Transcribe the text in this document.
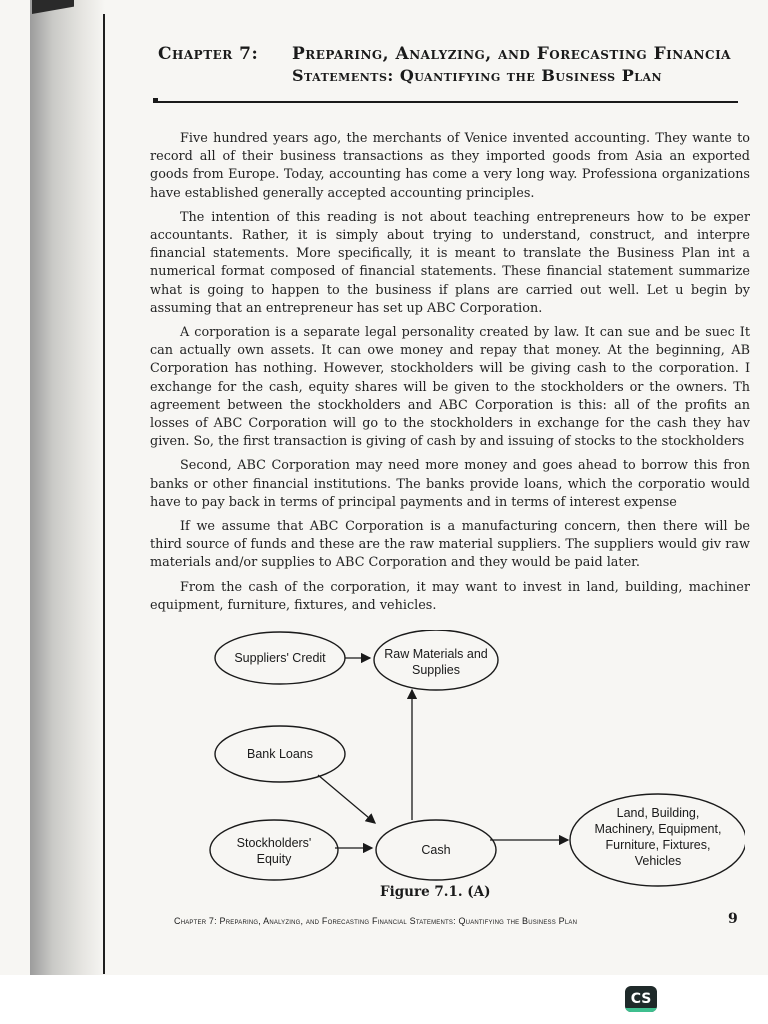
Chapter 7:	Preparing, Analyzing, and Forecasting Financia
Statements: Quantifying the Business Plan

Five hundred years ago, the merchants of Venice invented accounting. They wante to record all of their business transactions as they imported goods from Asia an exported goods from Europe. Today, accounting has come a very long way. Professiona organizations have established generally accepted accounting principles.

The intention of this reading is not about teaching entrepreneurs how to be exper accountants. Rather, it is simply about trying to understand, construct, and interpre financial statements. More specifically, it is meant to translate the Business Plan int a numerical format composed of financial statements. These financial statement summarize what is going to happen to the business if plans are carried out well. Let u begin by assuming that an entrepreneur has set up ABC Corporation.

A corporation is a separate legal personality created by law. It can sue and be suec It can actually own assets. It can owe money and repay that money. At the beginning, AB Corporation has nothing. However, stockholders will be giving cash to the corporation. I exchange for the cash, equity shares will be given to the stockholders or the owners. Th agreement between the stockholders and ABC Corporation is this: all of the profits an losses of ABC Corporation will go to the stockholders in exchange for the cash they hav given. So, the first transaction is giving of cash by and issuing of stocks to the stockholders

Second, ABC Corporation may need more money and goes ahead to borrow this fron banks or other financial institutions. The banks provide loans, which the corporatio would have to pay back in terms of principal payments and in terms of interest expense

If we assume that ABC Corporation is a manufacturing concern, then there will be third source of funds and these are the raw material suppliers. The suppliers would giv raw materials and/or supplies to ABC Corporation and they would be paid later.

From the cash of the corporation, it may want to invest in land, building, machiner equipment, furniture, fixtures, and vehicles.

Suppliers' Credit	Raw Materials and
Supplies
Bank Loans
Stockholders'
Equity
Cash
Land, Building,
Machinery, Equipment,
Furniture, Fixtures,
Vehicles
Figure 7.1. (A)
Chapter 7: Preparing, Analyzing, and Forecasting Financial Statements: Quantifying the Business Plan	9
CS
